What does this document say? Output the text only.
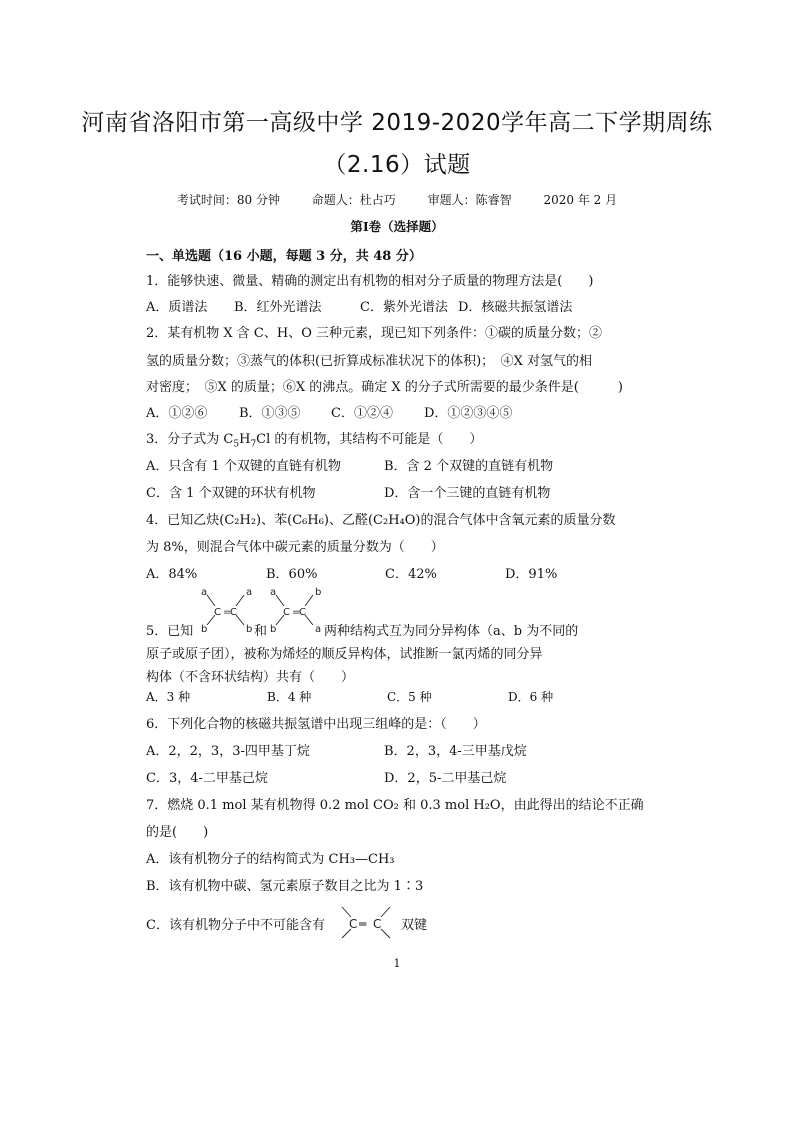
河南省洛阳市第一高级中学 2019-2020学年高二下学期周练
（2.16）试题
考试时间：80 分钟	命题人：杜占巧	审题人：陈睿智	2020 年 2 月
第Ⅰ卷（选择题）
一、单选题（16 小题，每题 3 分，共 48 分）
1．能够快速、微量、精确的测定出有机物的相对分子质量的物理方法是(　　)
A．质谱法 B．红外光谱法	C．紫外光谱法 D．核磁共振氢谱法
2．某有机物 X 含 C、H、O 三种元素，现已知下列条件：①碳的质量分数；②
氢的质量分数；③蒸气的体积(已折算成标准状况下的体积)；　④X 对氢气的相
对密度；　⑤X 的质量；⑥X 的沸点。确定 X 的分子式所需要的最少条件是(　　　)
A．①②⑥ B．①③⑤ C．①②④ D．①②③④⑤
3．分子式为 $C_5H_7Cl$ 的有机物，其结构不可能是（　　）
A．只含有 1 个双键的直链有机物	B．含 2 个双键的直链有机物
C．含 1 个双键的环状有机物	D．含一个三键的直链有机物
4．已知乙炔(C₂H₂)、苯(C₆H₆)、乙醛(C₂H₄O)的混合气体中含氧元素的质量分数
为 8%，则混合气体中碳元素的质量分数为（　　）
A．84%	B．60%	C．42%	D．91%
a	a
b	b
C =
C
a	b
b	a
C =
C
5．已知	和	两种结构式互为同分异构体（a、b 为不同的
原子或原子团），被称为烯烃的顺反异构体，试推断一氯丙烯的同分异
构体（不含环状结构）共有（　　）
A．3 种	B．4 种	C．5 种	D．6 种
6．下列化合物的核磁共振氢谱中出现三组峰的是：（　　）
A．2，2，3，3-四甲基丁烷	B．2，3，4-三甲基戊烷
C．3，4-二甲基己烷	D．2，5-二甲基己烷
7．燃烧 0.1 mol 某有机物得 0.2 mol CO₂ 和 0.3 mol H₂O，由此得出的结论不正确
的是(　　)
A．该有机物分子的结构简式为 CH₃—CH₃
B．该有机物中碳、氢元素原子数目之比为 1∶3
C．该有机物分子中不可能含有 C ═ C 双键
1
